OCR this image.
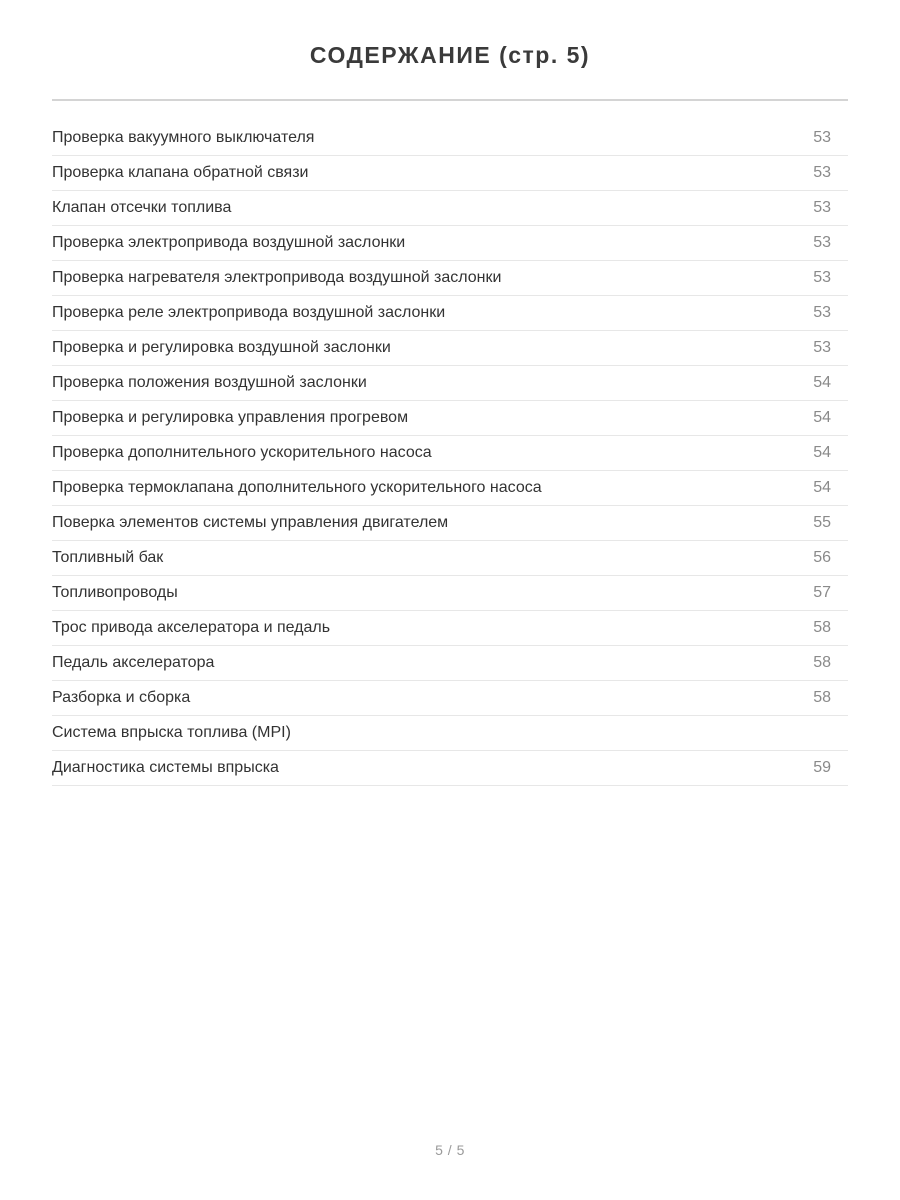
СОДЕРЖАНИЕ (стр. 5)
Проверка вакуумного выключателя	53
Проверка клапана обратной связи	53
Клапан отсечки топлива	53
Проверка электропривода воздушной заслонки	53
Проверка нагревателя электропривода воздушной заслонки	53
Проверка реле электропривода воздушной заслонки	53
Проверка и регулировка воздушной заслонки	53
Проверка положения воздушной заслонки	54
Проверка и регулировка управления прогревом	54
Проверка дополнительного ускорительного насоса	54
Проверка термоклапана дополнительного ускорительного насоса	54
Поверка элементов системы управления двигателем	55
Топливный бак	56
Топливопроводы	57
Трос привода акселератора и педаль	58
Педаль акселератора	58
Разборка и сборка	58
Система впрыска топлива (MPI)
Диагностика системы впрыска	59
5 / 5
